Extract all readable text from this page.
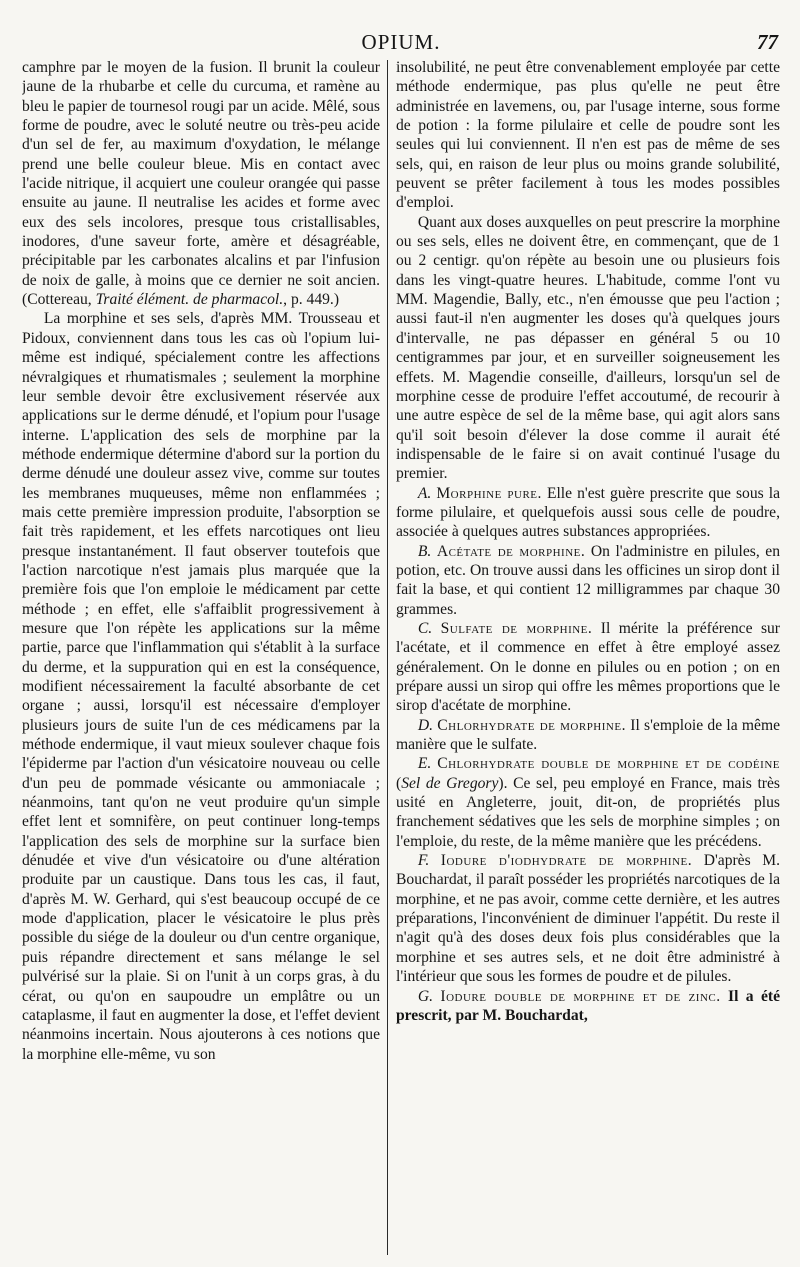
OPIUM.	77

camphre par le moyen de la fusion. Il brunit la couleur jaune de la rhubarbe et celle du curcuma, et ramène au bleu le papier de tournesol rougi par un acide. Mêlé, sous forme de poudre, avec le soluté neutre ou très-peu acide d'un sel de fer, au maximum d'oxydation, le mélange prend une belle couleur bleue. Mis en contact avec l'acide nitrique, il acquiert une couleur orangée qui passe ensuite au jaune. Il neutralise les acides et forme avec eux des sels incolores, presque tous cristallisables, inodores, d'une saveur forte, amère et désagréable, précipitable par les carbonates alcalins et par l'infusion de noix de galle, à moins que ce dernier ne soit ancien. (Cottereau, Traité élément. de pharmacol., p. 449.)

La morphine et ses sels, d'après MM. Trousseau et Pidoux, conviennent dans tous les cas où l'opium lui-même est indiqué, spécialement contre les affections névralgiques et rhumatismales ; seulement la morphine leur semble devoir être exclusivement réservée aux applications sur le derme dénudé, et l'opium pour l'usage interne. L'application des sels de morphine par la méthode endermique détermine d'abord sur la portion du derme dénudé une douleur assez vive, comme sur toutes les membranes muqueuses, même non enflammées ; mais cette première impression produite, l'absorption se fait très rapidement, et les effets narcotiques ont lieu presque instantanément. Il faut observer toutefois que l'action narcotique n'est jamais plus marquée que la première fois que l'on emploie le médicament par cette méthode ; en effet, elle s'affaiblit progressivement à mesure que l'on répète les applications sur la même partie, parce que l'inflammation qui s'établit à la surface du derme, et la suppuration qui en est la conséquence, modifient nécessairement la faculté absorbante de cet organe ; aussi, lorsqu'il est nécessaire d'employer plusieurs jours de suite l'un de ces médicamens par la méthode endermique, il vaut mieux soulever chaque fois l'épiderme par l'action d'un vésicatoire nouveau ou celle d'un peu de pommade vésicante ou ammoniacale ; néanmoins, tant qu'on ne veut produire qu'un simple effet lent et somnifère, on peut continuer long-temps l'application des sels de morphine sur la surface bien dénudée et vive d'un vésicatoire ou d'une altération produite par un caustique. Dans tous les cas, il faut, d'après M. W. Gerhard, qui s'est beaucoup occupé de ce mode d'application, placer le vésicatoire le plus près possible du siége de la douleur ou d'un centre organique, puis répandre directement et sans mélange le sel pulvérisé sur la plaie. Si on l'unit à un corps gras, à du cérat, ou qu'on en saupoudre un emplâtre ou un cataplasme, il faut en augmenter la dose, et l'effet devient néanmoins incertain. Nous ajouterons à ces notions que la morphine elle-même, vu son

insolubilité, ne peut être convenablement employée par cette méthode endermique, pas plus qu'elle ne peut être administrée en lavemens, ou, par l'usage interne, sous forme de potion : la forme pilulaire et celle de poudre sont les seules qui lui conviennent. Il n'en est pas de même de ses sels, qui, en raison de leur plus ou moins grande solubilité, peuvent se prêter facilement à tous les modes possibles d'emploi.

Quant aux doses auxquelles on peut prescrire la morphine ou ses sels, elles ne doivent être, en commençant, que de 1 ou 2 centigr. qu'on répète au besoin une ou plusieurs fois dans les vingt-quatre heures. L'habitude, comme l'ont vu MM. Magendie, Bally, etc., n'en émousse que peu l'action ; aussi faut-il n'en augmenter les doses qu'à quelques jours d'intervalle, ne pas dépasser en général 5 ou 10 centigrammes par jour, et en surveiller soigneusement les effets. M. Magendie conseille, d'ailleurs, lorsqu'un sel de morphine cesse de produire l'effet accoutumé, de recourir à une autre espèce de sel de la même base, qui agit alors sans qu'il soit besoin d'élever la dose comme il aurait été indispensable de le faire si on avait continué l'usage du premier.

A. Morphine pure. Elle n'est guère prescrite que sous la forme pilulaire, et quelquefois aussi sous celle de poudre, associée à quelques autres substances appropriées.

B. Acétate de morphine. On l'administre en pilules, en potion, etc. On trouve aussi dans les officines un sirop dont il fait la base, et qui contient 12 milligrammes par chaque 30 grammes.

C. Sulfate de morphine. Il mérite la préférence sur l'acétate, et il commence en effet à être employé assez généralement. On le donne en pilules ou en potion ; on en prépare aussi un sirop qui offre les mêmes proportions que le sirop d'acétate de morphine.

D. Chlorhydrate de morphine. Il s'emploie de la même manière que le sulfate.

E. Chlorhydrate double de morphine et de codéine (Sel de Gregory). Ce sel, peu employé en France, mais très usité en Angleterre, jouit, dit-on, de propriétés plus franchement sédatives que les sels de morphine simples ; on l'emploie, du reste, de la même manière que les précédens.

F. Iodure d'iodhydrate de morphine. D'après M. Bouchardat, il paraît posséder les propriétés narcotiques de la morphine, et ne pas avoir, comme cette dernière, et les autres préparations, l'inconvénient de diminuer l'appétit. Du reste il n'agit qu'à des doses deux fois plus considérables que la morphine et ses autres sels, et ne doit être administré à l'intérieur que sous les formes de poudre et de pilules.

G. Iodure double de morphine et de zinc. Il a été prescrit, par M. Bouchardat,
